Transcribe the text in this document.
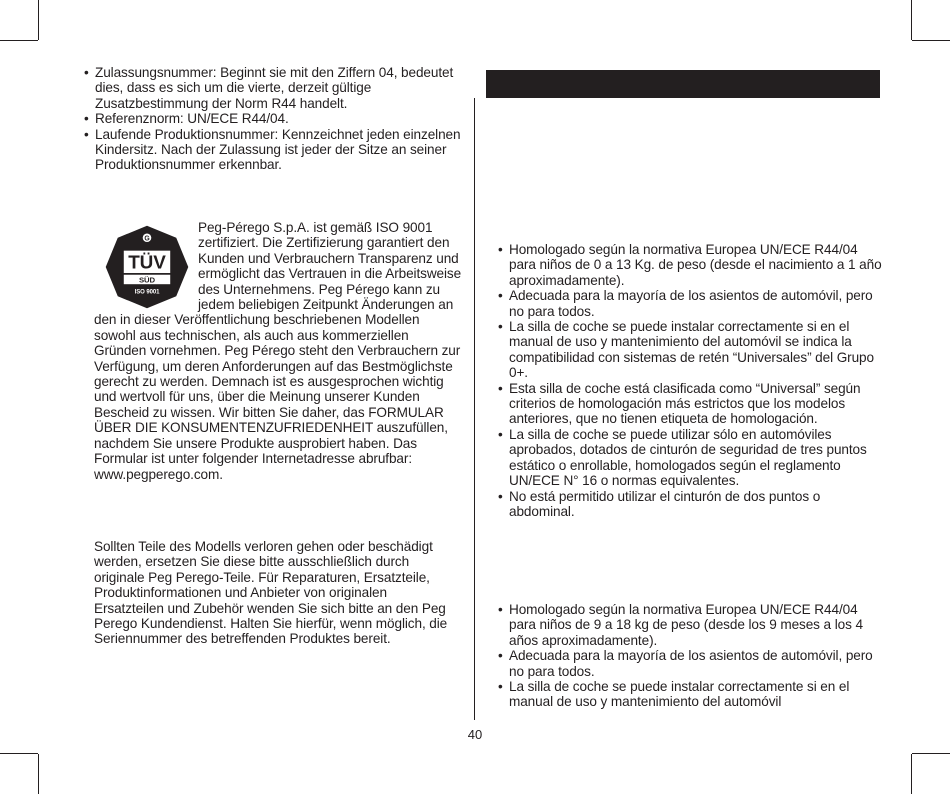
• Zulassungsnummer: Beginnt sie mit den Ziffern 04, bedeutet dies, dass es sich um die vierte, derzeit gültige Zusatzbestimmung der Norm R44 handelt.
• Referenznorm: UN/ECE R44/04.
• Laufende Produktionsnummer: Kennzeichnet jeden einzelnen Kindersitz. Nach der Zulassung ist jeder der Sitze an seiner Produktionsnummer erkennbar.
G
TÜV
SÜD
ISO 9001
Peg-Pérego S.p.A. ist gemäß ISO 9001 zertifiziert. Die Zertifizierung garantiert den Kunden und Verbrauchern Transparenz und ermöglicht das Vertrauen in die Arbeitsweise des Unternehmens. Peg Pérego kann zu jedem beliebigen Zeitpunkt Änderungen an den in dieser Veröffentlichung beschriebenen Modellen sowohl aus technischen, als auch aus kommerziellen Gründen vornehmen. Peg Pérego steht den Verbrauchern zur Verfügung, um deren Anforderungen auf das Bestmöglichste gerecht zu werden. Demnach ist es ausgesprochen wichtig und wertvoll für uns, über die Meinung unserer Kunden Bescheid zu wissen. Wir bitten Sie daher, das FORMULAR ÜBER DIE KONSUMENTENZUFRIEDENHEIT auszufüllen, nachdem Sie unsere Produkte ausprobiert haben. Das Formular ist unter folgender Internetadresse abrufbar: www.pegperego.com.
Sollten Teile des Modells verloren gehen oder beschädigt werden, ersetzen Sie diese bitte ausschließlich durch originale Peg Perego-Teile. Für Reparaturen, Ersatzteile, Produktinformationen und Anbieter von originalen Ersatzteilen und Zubehör wenden Sie sich bitte an den Peg Perego Kundendienst. Halten Sie hierfür, wenn möglich, die Seriennummer des betreffenden Produktes bereit.
40
• Homologado según la normativa Europea UN/ECE R44/04 para niños de 0 a 13 Kg. de peso (desde el nacimiento a 1 año aproximadamente).
• Adecuada para la mayoría de los asientos de automóvil, pero no para todos.
• La silla de coche se puede instalar correctamente si en el manual de uso y mantenimiento del automóvil se indica la compatibilidad con sistemas de retén “Universales” del Grupo 0+.
• Esta silla de coche está clasificada como “Universal” según criterios de homologación más estrictos que los modelos anteriores, que no tienen etiqueta de homologación.
• La silla de coche se puede utilizar sólo en automóviles aprobados, dotados de cinturón de seguridad de tres puntos estático o enrollable, homologados según el reglamento UN/ECE N° 16 o normas equivalentes.
• No está permitido utilizar el cinturón de dos puntos o abdominal.
• Homologado según la normativa Europea UN/ECE R44/04 para niños de 9 a 18 kg de peso (desde los 9 meses a los 4 años aproximadamente).
• Adecuada para la mayoría de los asientos de automóvil, pero no para todos.
• La silla de coche se puede instalar correctamente si en el manual de uso y mantenimiento del automóvil
